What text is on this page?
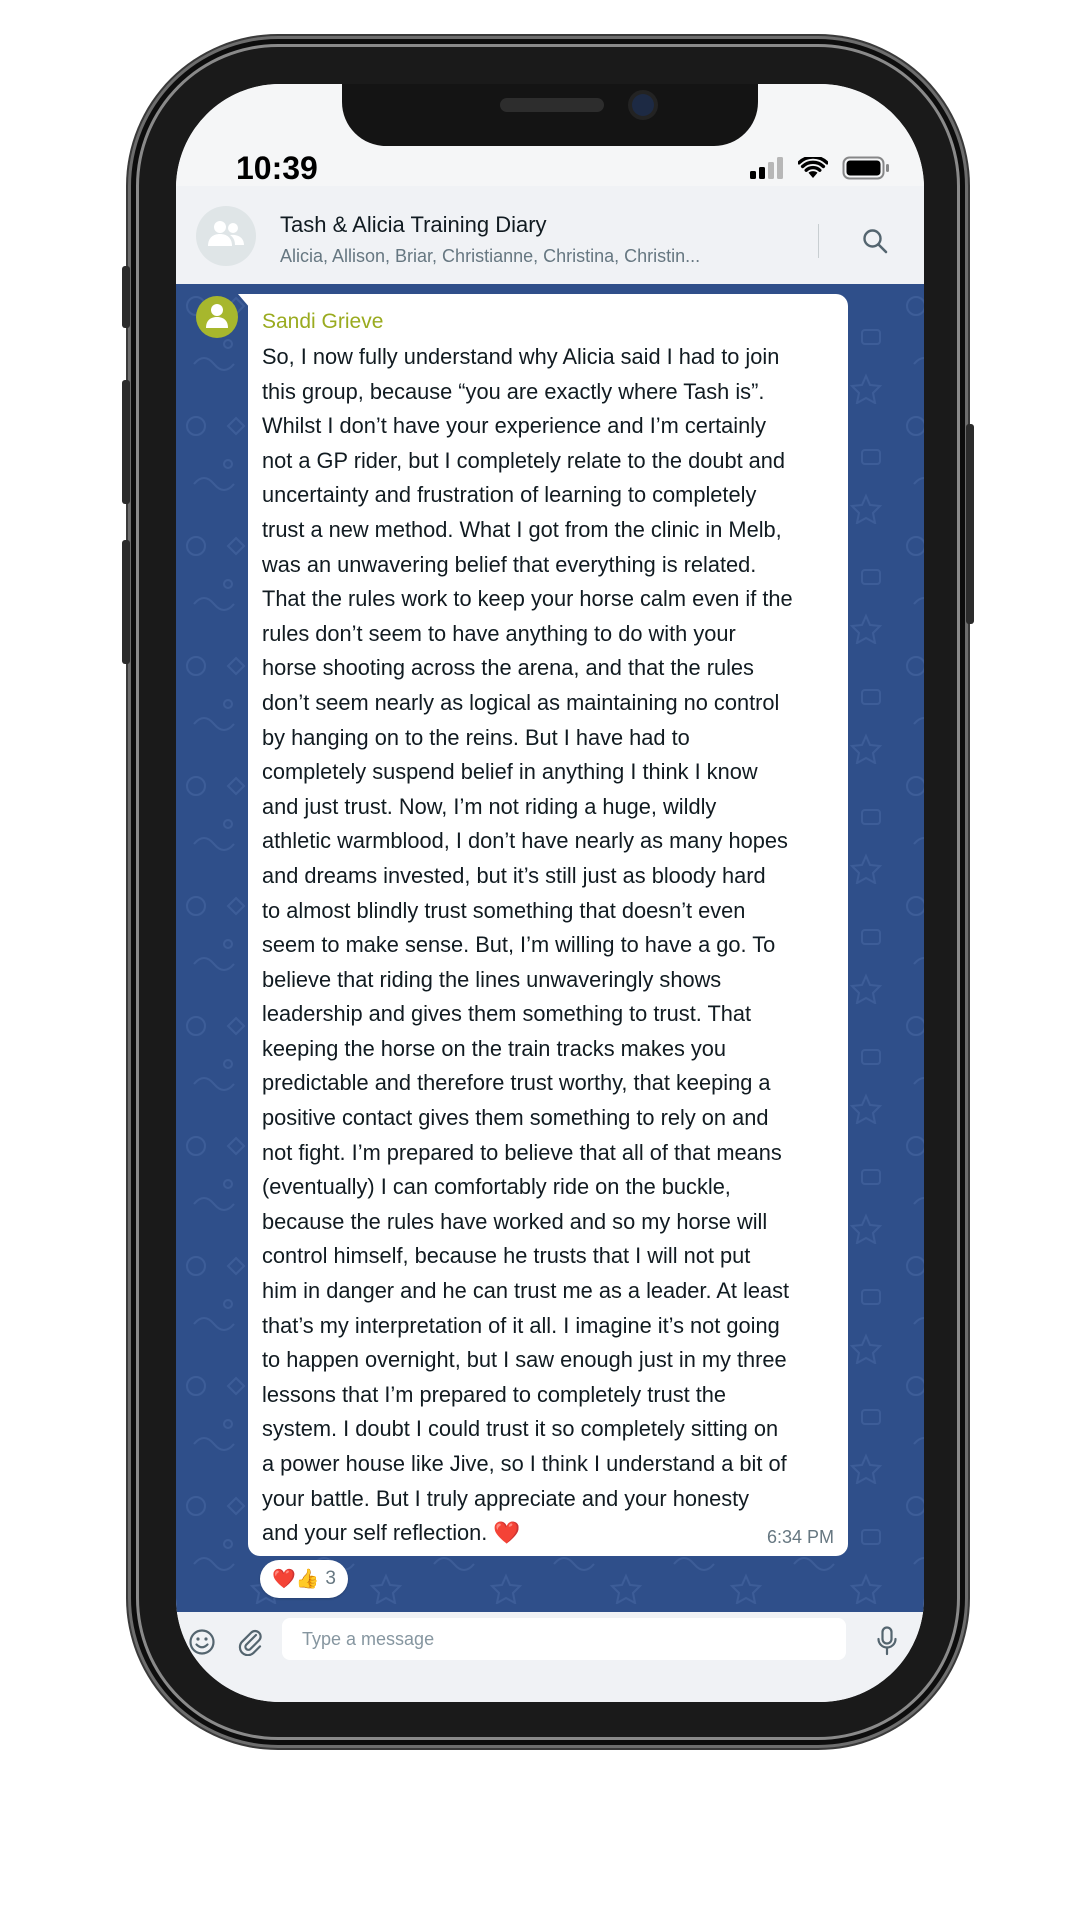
10:39
Tash & Alicia Training Diary
Alicia, Allison, Briar, Christianne, Christina, Christin...
Sandi Grieve
So, I now fully understand why Alicia said I had to join
this group, because “you are exactly where Tash is”.
Whilst I don’t have your experience and I’m certainly
not a GP rider, but I completely relate to the doubt and
uncertainty and frustration of learning to completely
trust a new method. What I got from the clinic in Melb,
was an unwavering belief that everything is related.
That the rules work to keep your horse calm even if the
rules don’t seem to have anything to do with your
horse shooting across the arena, and that the rules
don’t seem nearly as logical as maintaining no control
by hanging on to the reins. But I have had to
completely suspend belief in anything I think I know
and just trust. Now, I’m not riding a huge, wildly
athletic warmblood, I don’t have nearly as many hopes
and dreams invested, but it’s still just as bloody hard
to almost blindly trust something that doesn’t even
seem to make sense. But, I’m willing to have a go. To
believe that riding the lines unwaveringly shows
leadership and gives them something to trust. That
keeping the horse on the train tracks makes you
predictable and therefore trust worthy, that keeping a
positive contact gives them something to rely on and
not fight. I’m prepared to believe that all of that means
(eventually) I can comfortably ride on the buckle,
because the rules have worked and so my horse will
control himself, because he trusts that I will not put
him in danger and he can trust me as a leader. At least
that’s my interpretation of it all. I imagine it’s not going
to happen overnight, but I saw enough just in my three
lessons that I’m prepared to completely trust the
system. I doubt I could trust it so completely sitting on
a power house like Jive, so I think I understand a bit of
your battle. But I truly appreciate and your honesty
and your self reflection. ❤️	6:34 PM
❤️👍 3
Type a message
